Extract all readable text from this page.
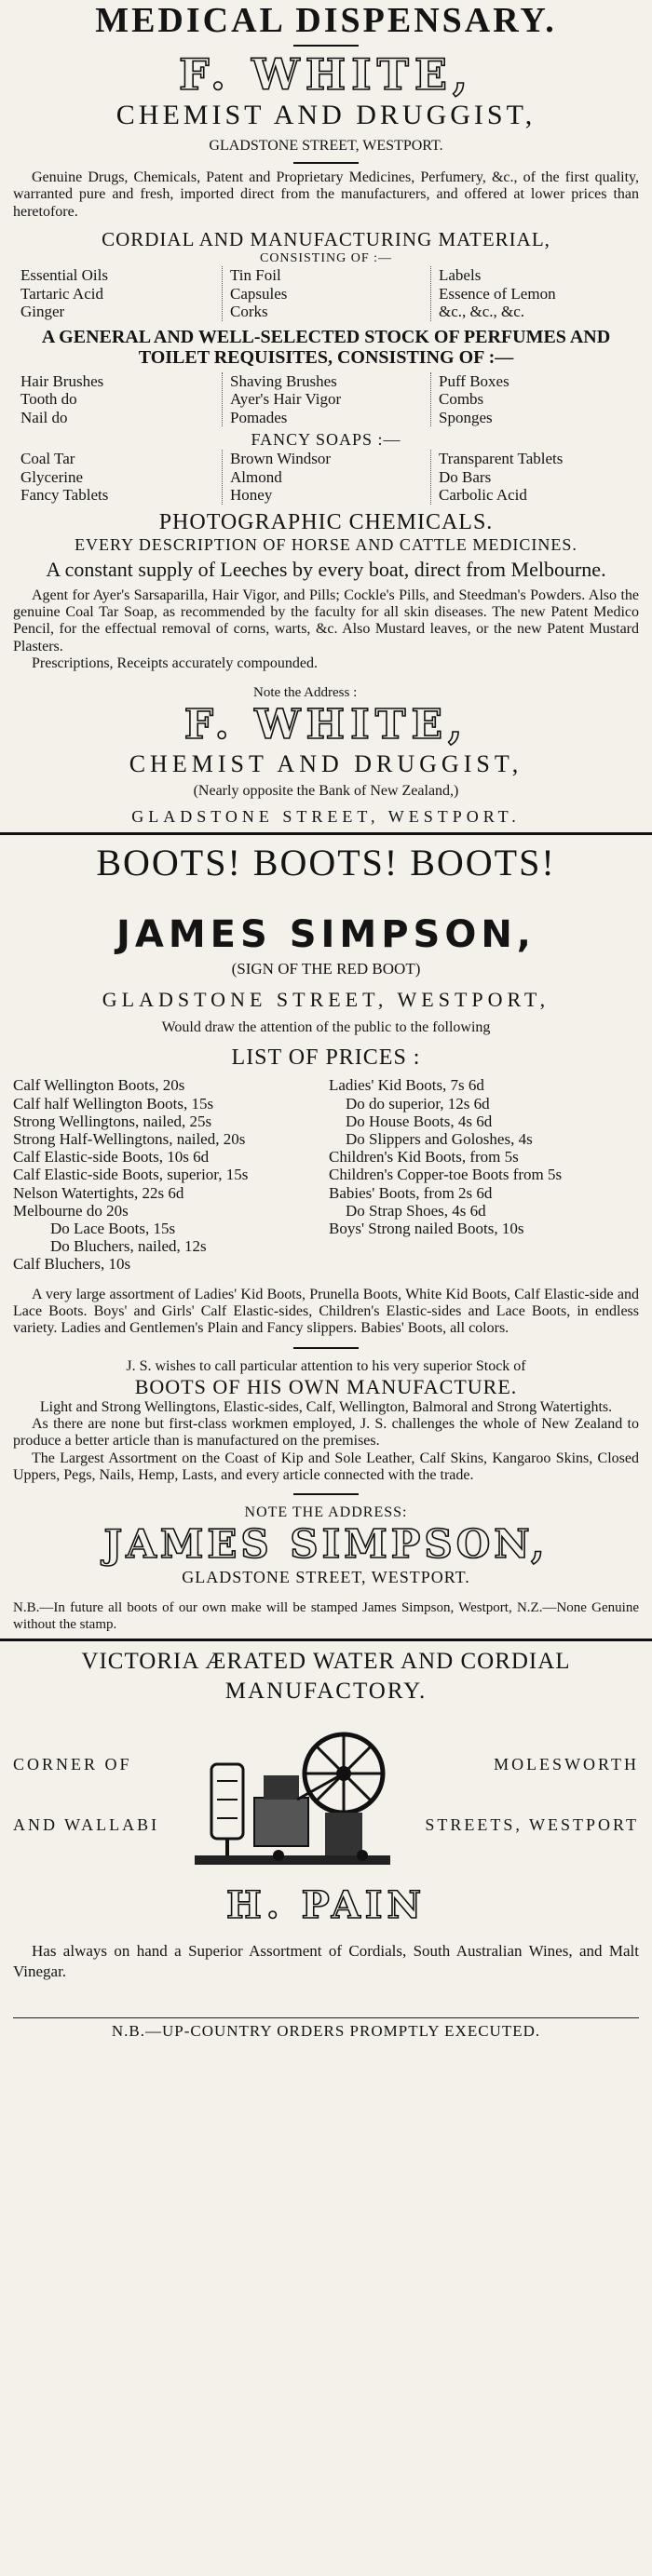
MEDICAL DISPENSARY.
F. WHITE,
CHEMIST AND DRUGGIST,
GLADSTONE STREET, WESTPORT.
Genuine Drugs, Chemicals, Patent and Proprietary Medicines, Perfumery, &c., of the first quality, warranted pure and fresh, imported direct from the manufacturers, and offered at lower prices than heretofore.
CORDIAL AND MANUFACTURING MATERIAL,
CONSISTING OF :—
Essential Oils
Tartaric Acid
Ginger
Tin Foil
Capsules
Corks
Labels
Essence of Lemon
&c., &c., &c.
A GENERAL AND WELL-SELECTED STOCK OF PERFUMES AND TOILET REQUISITES, CONSISTING OF :—
Hair Brushes
Tooth do
Nail do
Shaving Brushes
Ayer's Hair Vigor
Pomades
Puff Boxes
Combs
Sponges
FANCY SOAPS :—
Coal Tar
Glycerine
Fancy Tablets
Brown Windsor
Almond
Honey
Transparent Tablets
Do Bars
Carbolic Acid
PHOTOGRAPHIC CHEMICALS.
EVERY DESCRIPTION OF HORSE AND CATTLE MEDICINES.
A constant supply of Leeches by every boat, direct from Melbourne.
Agent for Ayer's Sarsaparilla, Hair Vigor, and Pills; Cockle's Pills, and Steedman's Powders. Also the genuine Coal Tar Soap, as recommended by the faculty for all skin diseases. The new Patent Medico Pencil, for the effectual removal of corns, warts, &c. Also Mustard leaves, or the new Patent Mustard Plasters.
Prescriptions, Receipts accurately compounded.
Note the Address :
F. WHITE,
CHEMIST AND DRUGGIST,
(Nearly opposite the Bank of New Zealand,)
GLADSTONE STREET, WESTPORT.
BOOTS! BOOTS! BOOTS!
JAMES SIMPSON,
(SIGN OF THE RED BOOT)
GLADSTONE STREET, WESTPORT,
Would draw the attention of the public to the following
LIST OF PRICES :
Calf Wellington Boots, 20s
Calf half Wellington Boots, 15s
Strong Wellingtons, nailed, 25s
Strong Half-Wellingtons, nailed, 20s
Calf Elastic-side Boots, 10s 6d
Calf Elastic-side Boots, superior, 15s
Nelson Watertights, 22s 6d
Melbourne do 20s
Do Lace Boots, 15s
Do Bluchers, nailed, 12s
Calf Bluchers, 10s
Ladies' Kid Boots, 7s 6d
Do do superior, 12s 6d
Do House Boots, 4s 6d
Do Slippers and Goloshes, 4s
Children's Kid Boots, from 5s
Children's Copper-toe Boots from 5s
Babies' Boots, from 2s 6d
Do Strap Shoes, 4s 6d
Boys' Strong nailed Boots, 10s
A very large assortment of Ladies' Kid Boots, Prunella Boots, White Kid Boots, Calf Elastic-side and Lace Boots. Boys' and Girls' Calf Elastic-sides, Children's Elastic-sides and Lace Boots, in endless variety. Ladies and Gentlemen's Plain and Fancy slippers. Babies' Boots, all colors.
J. S. wishes to call particular attention to his very superior Stock of
BOOTS OF HIS OWN MANUFACTURE.
Light and Strong Wellingtons, Elastic-sides, Calf, Wellington, Balmoral and Strong Watertights.
As there are none but first-class workmen employed, J. S. challenges the whole of New Zealand to produce a better article than is manufactured on the premises.
The Largest Assortment on the Coast of Kip and Sole Leather, Calf Skins, Kangaroo Skins, Closed Uppers, Pegs, Nails, Hemp, Lasts, and every article connected with the trade.
NOTE THE ADDRESS:
JAMES SIMPSON,
GLADSTONE STREET, WESTPORT.
N.B.—In future all boots of our own make will be stamped James Simpson, Westport, N.Z.—None Genuine without the stamp.
VICTORIA ÆRATED WATER AND CORDIAL
MANUFACTORY.
CORNER OF
AND WALLABI
MOLESWORTH
STREETS, WESTPORT
H. PAIN
Has always on hand a Superior Assortment of Cordials, South Australian Wines, and Malt Vinegar.
N.B.—UP-COUNTRY ORDERS PROMPTLY EXECUTED.
